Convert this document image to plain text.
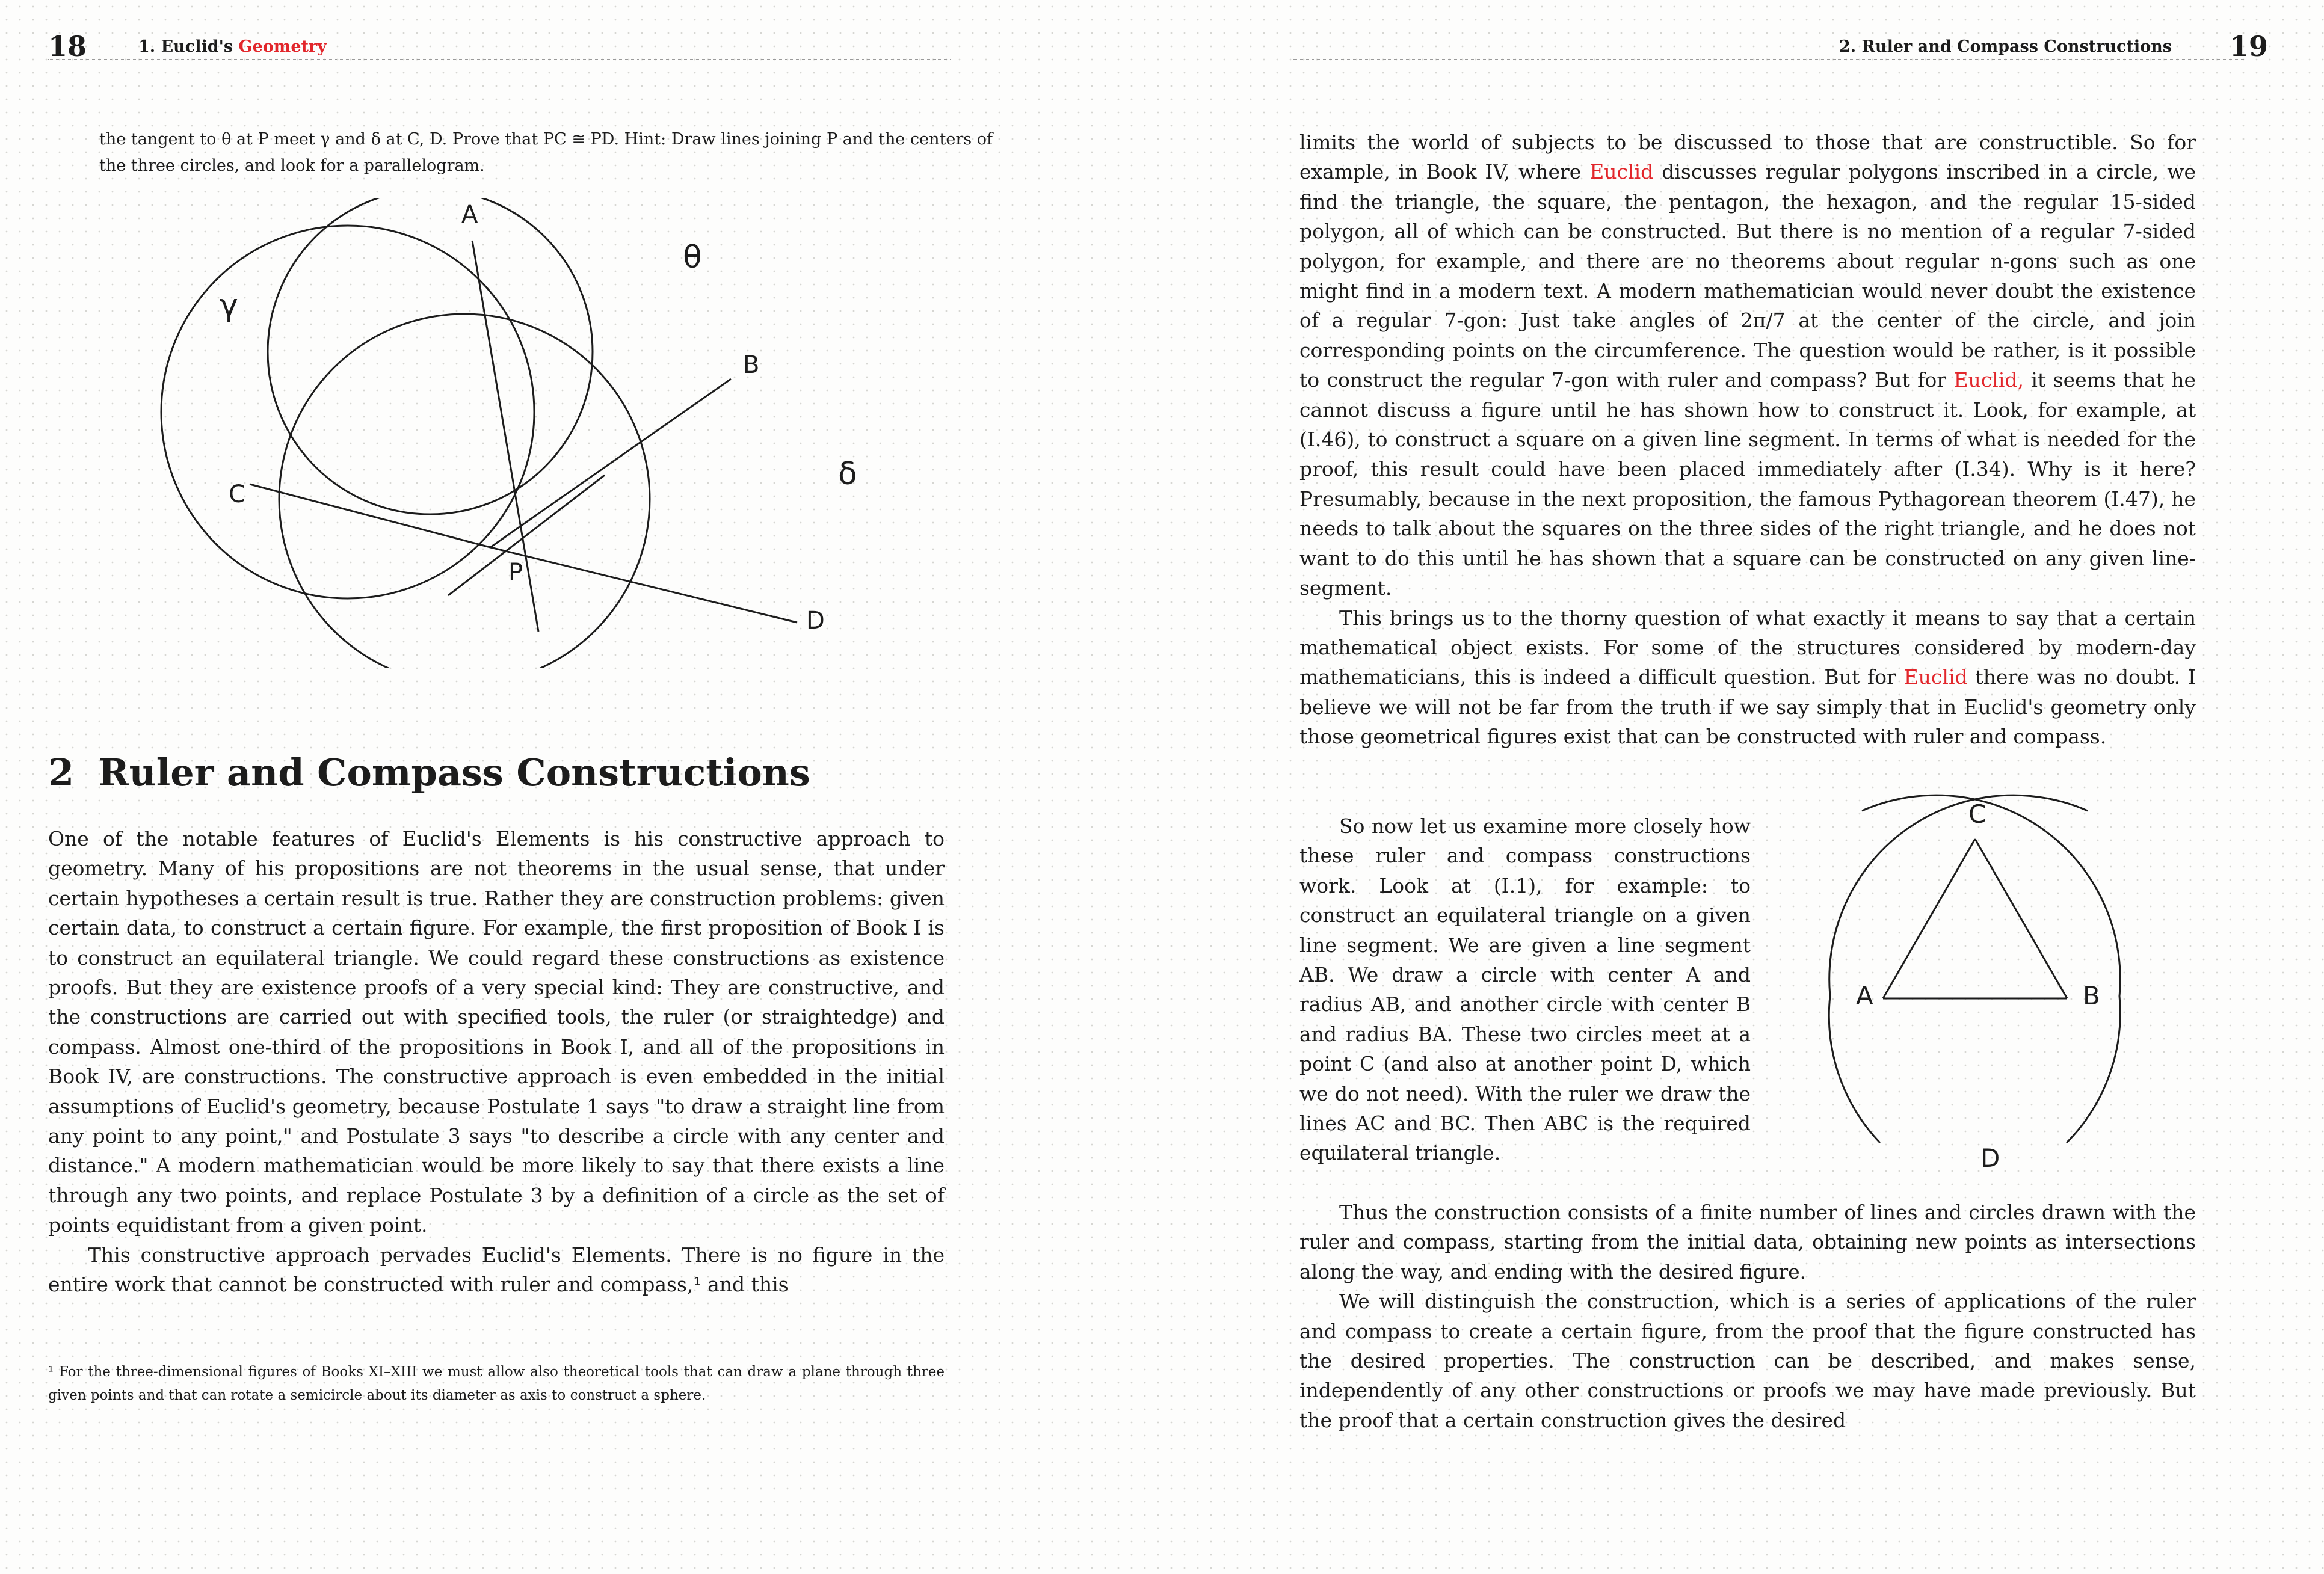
18	1. Euclid's Geometry

the tangent to θ at P meet γ and δ at C, D. Prove that PC ≅ PD. Hint: Draw lines joining P and the centers of the three circles, and look for a parallelogram.

A
B
C
D
P
γ
θ
δ
2 Ruler and Compass Constructions

One of the notable features of Euclid's Elements is his constructive approach to geometry. Many of his propositions are not theorems in the usual sense, that under certain hypotheses a certain result is true. Rather they are construction problems: given certain data, to construct a certain figure. For example, the first proposition of Book I is to construct an equilateral triangle. We could regard these constructions as existence proofs. But they are existence proofs of a very special kind: They are constructive, and the constructions are carried out with specified tools, the ruler (or straightedge) and compass. Almost one-third of the propositions in Book I, and all of the propositions in Book IV, are constructions. The constructive approach is even embedded in the initial assumptions of Euclid's geometry, because Postulate 1 says "to draw a straight line from any point to any point," and Postulate 3 says "to describe a circle with any center and distance." A modern mathematician would be more likely to say that there exists a line through any two points, and replace Postulate 3 by a definition of a circle as the set of points equidistant from a given point.

This constructive approach pervades Euclid's Elements. There is no figure in the entire work that cannot be constructed with ruler and compass,¹ and this

¹ For the three-dimensional figures of Books XI–XIII we must allow also theoretical tools that can draw a plane through three given points and that can rotate a semicircle about its diameter as axis to construct a sphere.

2. Ruler and Compass Constructions 19

limits the world of subjects to be discussed to those that are constructible. So for example, in Book IV, where Euclid discusses regular polygons inscribed in a circle, we find the triangle, the square, the pentagon, the hexagon, and the regular 15-sided polygon, all of which can be constructed. But there is no mention of a regular 7-sided polygon, for example, and there are no theorems about regular n-gons such as one might find in a modern text. A modern mathematician would never doubt the existence of a regular 7-gon: Just take angles of 2π/7 at the center of the circle, and join corresponding points on the circumference. The question would be rather, is it possible to construct the regular 7-gon with ruler and compass? But for Euclid, it seems that he cannot discuss a figure until he has shown how to construct it. Look, for example, at (I.46), to construct a square on a given line segment. In terms of what is needed for the proof, this result could have been placed immediately after (I.34). Why is it here? Presumably, because in the next proposition, the famous Pythagorean theorem (I.47), he needs to talk about the squares on the three sides of the right triangle, and he does not want to do this until he has shown that a square can be constructed on any given line-segment.

This brings us to the thorny question of what exactly it means to say that a certain mathematical object exists. For some of the structures considered by modern-day mathematicians, this is indeed a difficult question. But for Euclid there was no doubt. I believe we will not be far from the truth if we say simply that in Euclid's geometry only those geometrical figures exist that can be constructed with ruler and compass.

So now let us examine more closely how these ruler and compass constructions work. Look at (I.1), for example: to construct an equilateral triangle on a given line segment. We are given a line segment AB. We draw a circle with center A and radius AB, and another circle with center B and radius BA. These two circles meet at a point C (and also at another point D, which we do not need). With the ruler we draw the lines AC and BC. Then ABC is the required equilateral triangle.

A	B
C
D

Thus the construction consists of a finite number of lines and circles drawn with the ruler and compass, starting from the initial data, obtaining new points as intersections along the way, and ending with the desired figure.

We will distinguish the construction, which is a series of applications of the ruler and compass to create a certain figure, from the proof that the figure constructed has the desired properties. The construction can be described, and makes sense, independently of any other constructions or proofs we may have made previously. But the proof that a certain construction gives the desired
